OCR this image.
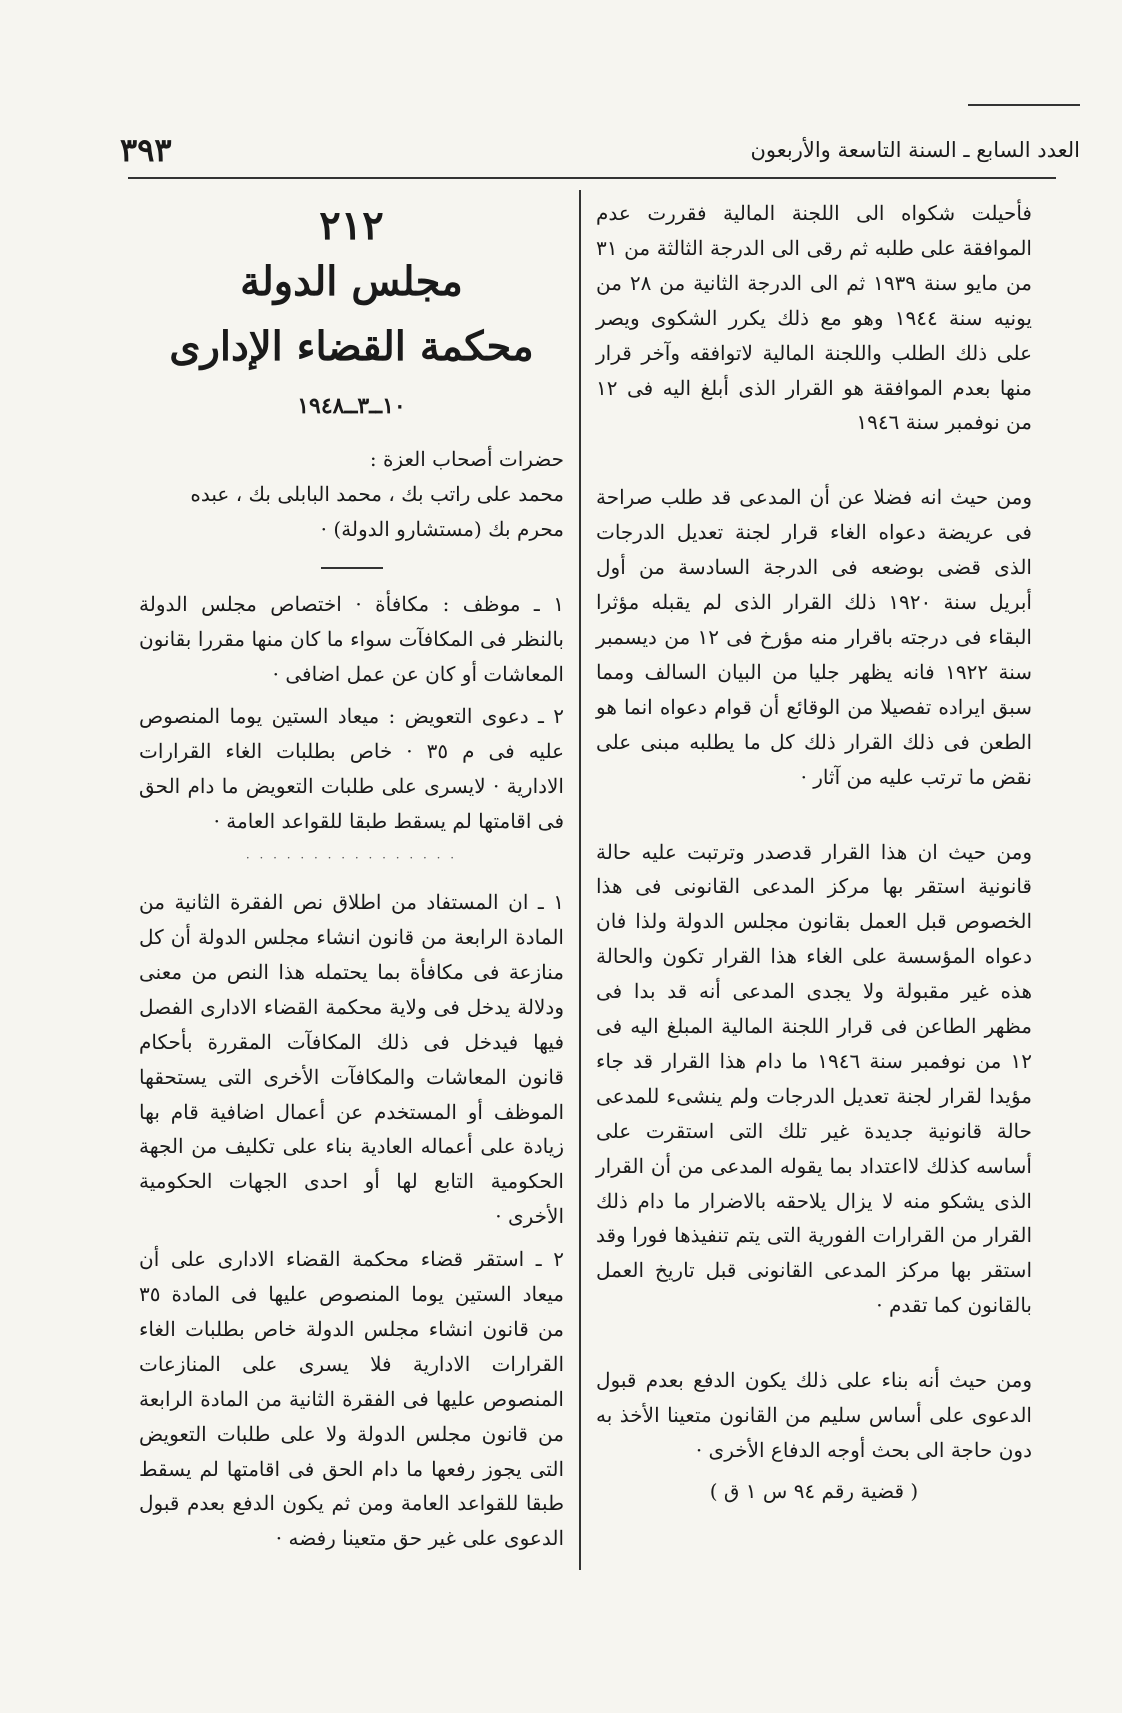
العدد السابع ـ السنة التاسعة والأربعون
٣٩٣

فأحيلت شكواه الى اللجنة المالية فقررت عدم الموافقة على طلبه ثم رقى الى الدرجة الثالثة من ٣١ من مايو سنة ١٩٣٩ ثم الى الدرجة الثانية من ٢٨ من يونيه سنة ١٩٤٤ وهو مع ذلك يكرر الشكوى ويصر على ذلك الطلب واللجنة المالية لاتوافقه وآخر قرار منها بعدم الموافقة هو القرار الذى أبلغ اليه فى ١٢ من نوفمبر سنة ١٩٤٦

ومن حيث انه فضلا عن أن المدعى قد طلب صراحة فى عريضة دعواه الغاء قرار لجنة تعديل الدرجات الذى قضى بوضعه فى الدرجة السادسة من أول أبريل سنة ١٩٢٠ ذلك القرار الذى لم يقبله مؤثرا البقاء فى درجته باقرار منه مؤرخ فى ١٢ من ديسمبر سنة ١٩٢٢ فانه يظهر جليا من البيان السالف ومما سبق ايراده تفصيلا من الوقائع أن قوام دعواه انما هو الطعن فى ذلك القرار ذلك كل ما يطلبه مبنى على نقض ما ترتب عليه من آثار ·

ومن حيث ان هذا القرار قدصدر وترتبت عليه حالة قانونية استقر بها مركز المدعى القانونى فى هذا الخصوص قبل العمل بقانون مجلس الدولة ولذا فان دعواه المؤسسة على الغاء هذا القرار تكون والحالة هذه غير مقبولة ولا يجدى المدعى أنه قد بدا فى مظهر الطاعن فى قرار اللجنة المالية المبلغ اليه فى ١٢ من نوفمبر سنة ١٩٤٦ ما دام هذا القرار قد جاء مؤيدا لقرار لجنة تعديل الدرجات ولم ينشىء للمدعى حالة قانونية جديدة غير تلك التى استقرت على أساسه كذلك لااعتداد بما يقوله المدعى من أن القرار الذى يشكو منه لا يزال يلاحقه بالاضرار ما دام ذلك القرار من القرارات الفورية التى يتم تنفيذها فورا وقد استقر بها مركز المدعى القانونى قبل تاريخ العمل بالقانون كما تقدم ·

ومن حيث أنه بناء على ذلك يكون الدفع بعدم قبول الدعوى على أساس سليم من القانون متعينا الأخذ به دون حاجة الى بحث أوجه الدفاع الأخرى ·

( قضية رقم ٩٤ س ١ ق )

٢١٢
مجلس الدولة
محكمة القضاء الإدارى
١٠ــ٣ــ١٩٤٨

حضرات أصحاب العزة :

محمد على راتب بك ، محمد البابلى بك ، عبده محرم بك (مستشارو الدولة) ·

١ ـ موظف : مكافأة · اختصاص مجلس الدولة بالنظر فى المكافآت سواء ما كان منها مقررا بقانون المعاشات أو كان عن عمل اضافى ·

٢ ـ دعوى التعويض : ميعاد الستين يوما المنصوص عليه فى م ٣٥ · خاص بطلبات الغاء القرارات الادارية · لايسرى على طلبات التعويض ما دام الحق فى اقامتها لم يسقط طبقا للقواعد العامة ·

· · · · · · · · · · · · · · · ·

١ ـ ان المستفاد من اطلاق نص الفقرة الثانية من المادة الرابعة من قانون انشاء مجلس الدولة أن كل منازعة فى مكافأة بما يحتمله هذا النص من معنى ودلالة يدخل فى ولاية محكمة القضاء الادارى الفصل فيها فيدخل فى ذلك المكافآت المقررة بأحكام قانون المعاشات والمكافآت الأخرى التى يستحقها الموظف أو المستخدم عن أعمال اضافية قام بها زيادة على أعماله العادية بناء على تكليف من الجهة الحكومية التابع لها أو احدى الجهات الحكومية الأخرى ·

٢ ـ استقر قضاء محكمة القضاء الادارى على أن ميعاد الستين يوما المنصوص عليها فى المادة ٣٥ من قانون انشاء مجلس الدولة خاص بطلبات الغاء القرارات الادارية فلا يسرى على المنازعات المنصوص عليها فى الفقرة الثانية من المادة الرابعة من قانون مجلس الدولة ولا على طلبات التعويض التى يجوز رفعها ما دام الحق فى اقامتها لم يسقط طبقا للقواعد العامة ومن ثم يكون الدفع بعدم قبول الدعوى على غير حق متعينا رفضه ·
